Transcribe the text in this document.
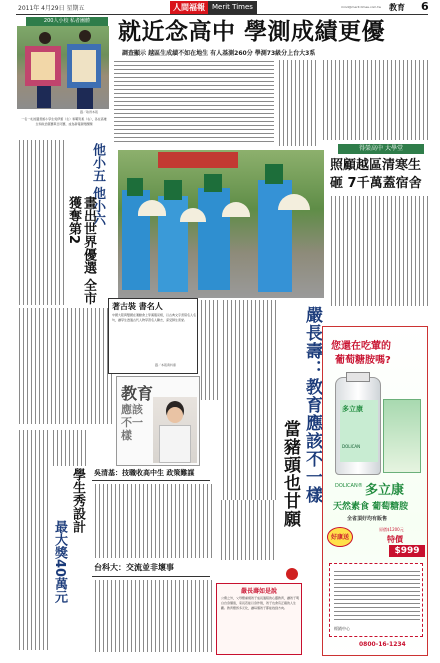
2011年 4月29日 星期五	人間福報	Merit Times	mind@merit-times.com.tw 教育 6
就近念高中 學測成績更優
調查顯示 越區生成績不如在地生 有人基測260分 學測73級分上台大3系
200人小校 私者團體
圖／取得本報
一名一札的圖書館小學生吳伊蕾（左）和鄭宛柔（右），各在高雄全和政治競賽與日同賽，成為新報新聞課題
得榮高中 大學堂
照顧越區清寒生 砸 7千萬蓋宿舍
他小五 他小六
畫出世界優選 全市獲奪第2
著古裝 書名人
中國大陸與雙國在運動會上穿漢服亮相，以古典文字書寫名人名句，讓學生透過古代人物學習名人勵志，深受師生喜愛。
圖／本報資料庫
教育
應該不一樣	嚴長壽：教育應該不一樣
當豬頭也甘願
吳清基：技職收高中生 政策難謀
台科大：交流並非壞事
學生秀設計
最大獎40萬元	嚴長壽如是說
公費之外，父母應重視孩子成長過程的心靈教育，讓孩子明白自身價值，家長若能以身作則，孩子也會有正確的人生觀。教育應該多元化，讓每個孩子都能找到方向。
您還在吃葷的
葡萄糖胺嗎?
多立康
DOLICAN
DOLICAN® 多立康
天然素食 葡萄糖胺
全省頂好均有販售
好康送
原價$1200元
特價
$999
經銷中心
0800-16-1234
